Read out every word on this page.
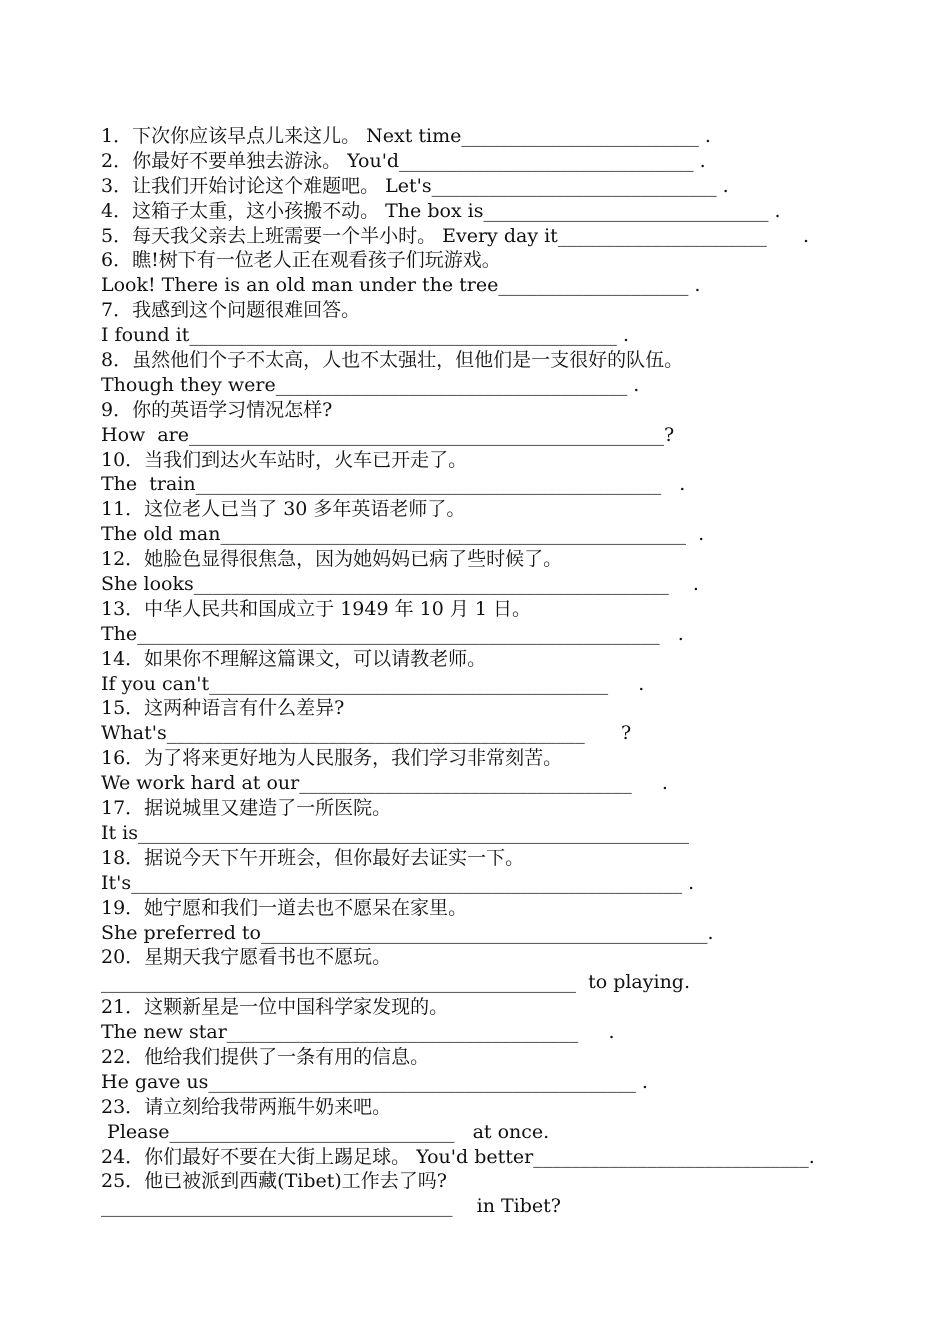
1．下次你应该早点儿来这儿。 Next time_________________________ .
2．你最好不要单独去游泳。 You'd_______________________________ .
3．让我们开始讨论这个难题吧。 Let's______________________________ .
4．这箱子太重，这小孩搬不动。 The box is______________________________ .
5．每天我父亲去上班需要一个半小时。 Every day it______________________      .
6．瞧!树下有一位老人正在观看孩子们玩游戏。
Look! There is an old man under the tree____________________ .
7．我感到这个问题很难回答。
I found it_____________________________________________ .
8．虽然他们个子不太高，人也不太强壮，但他们是一支很好的队伍。
Though they were_____________________________________ .
9．你的英语学习情况怎样?
How  are__________________________________________________?
10．当我们到达火车站时，火车已开走了。
The  train_________________________________________________   .
11．这位老人已当了 30 多年英语老师了。
The old man_________________________________________________  .
12．她脸色显得很焦急，因为她妈妈已病了些时候了。
She looks__________________________________________________    .
13．中华人民共和国成立于 1949 年 10 月 1 日。
The_______________________________________________________   .
14．如果你不理解这篇课文，可以请教老师。
If you can't__________________________________________     .
15．这两种语言有什么差异?
What's____________________________________________      ?
16．为了将来更好地为人民服务，我们学习非常刻苦。
We work hard at our___________________________________     .
17．据说城里又建造了一所医院。
It is__________________________________________________________
18．据说今天下午开班会，但你最好去证实一下。
It's__________________________________________________________ .
19．她宁愿和我们一道去也不愿呆在家里。
She preferred to_______________________________________________.
20．星期天我宁愿看书也不愿玩。
__________________________________________________  to playing.
21．这颗新星是一位中国科学家发现的。
The new star_____________________________________     .
22．他给我们提供了一条有用的信息。
He gave us_____________________________________________ .
23．请立刻给我带两瓶牛奶来吧。
Please______________________________   at once.
24．你们最好不要在大街上踢足球。 You'd better_____________________________.
25．他已被派到西藏(Tibet)工作去了吗?
_____________________________________    in Tibet?
